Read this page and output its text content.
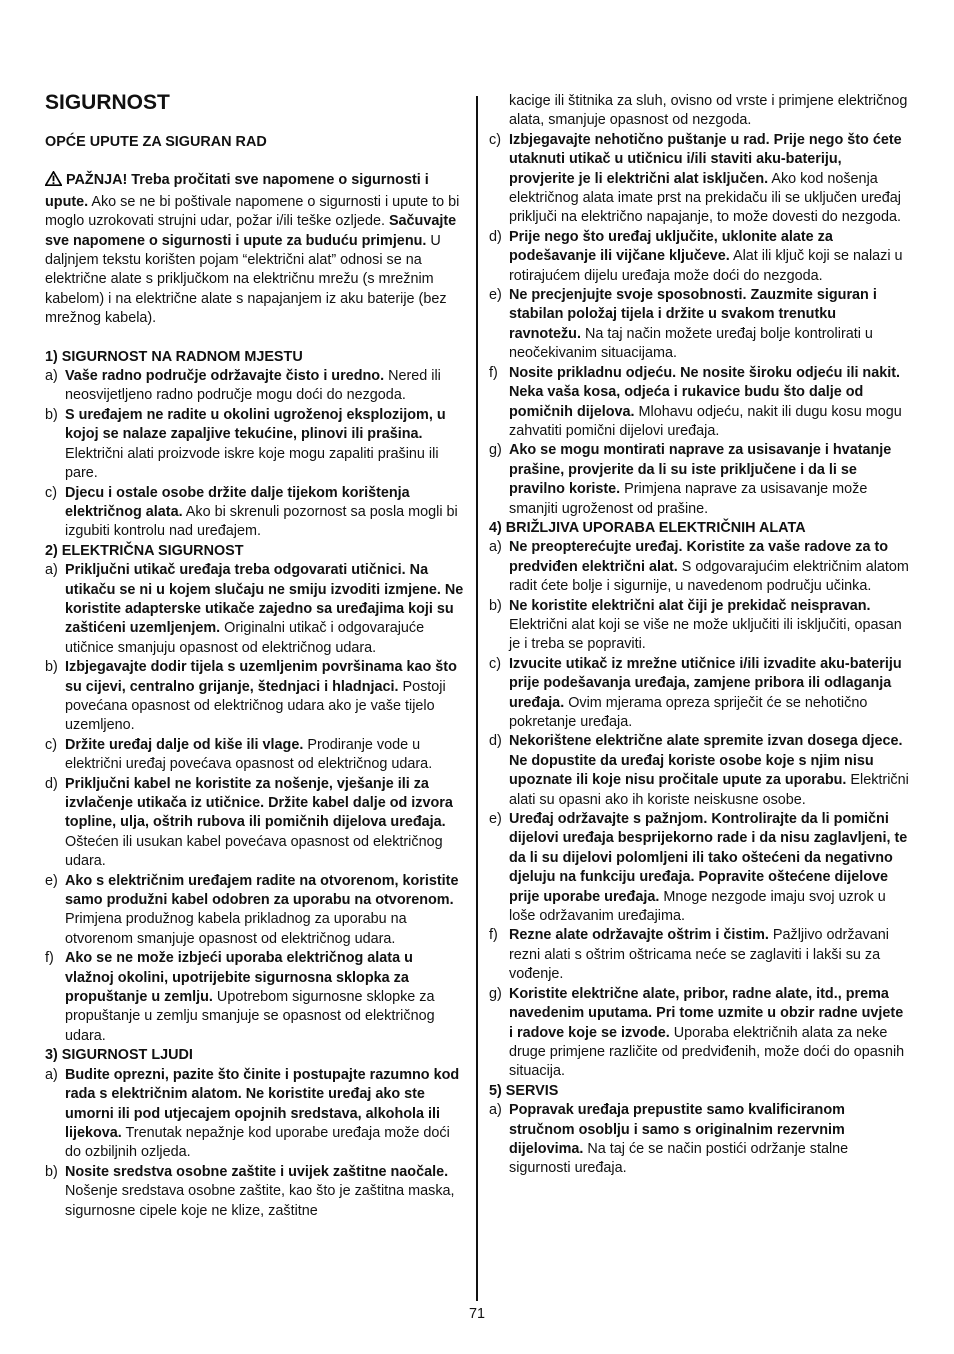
SIGURNOST
OPĆE UPUTE ZA SIGURAN RAD
PAŽNJA! Treba pročitati sve napomene o sigurnosti i upute. Ako se ne bi poštivale napomene o sigurnosti i upute to bi moglo uzrokovati strujni udar, požar i/ili teške ozljede. Sačuvajte sve napomene o sigurnosti i upute za buduću primjenu. U daljnjem tekstu korišten pojam “električni alat” odnosi se na električne alate s priključkom na električnu mrežu (s mrežnim kabelom) i na električne alate s napajanjem iz aku baterije (bez mrežnog kabela).
1) SIGURNOST NA RADNOM MJESTU
a) Vaše radno područje održavajte čisto i uredno. Nered ili neosvijetljeno radno područje mogu doći do nezgoda.
b) S uređajem ne radite u okolini ugroženoj eksplozijom, u kojoj se nalaze zapaljive tekućine, plinovi ili prašina. Električni alati proizvode iskre koje mogu zapaliti prašinu ili pare.
c) Djecu i ostale osobe držite dalje tijekom korištenja električnog alata. Ako bi skrenuli pozornost sa posla mogli bi izgubiti kontrolu nad uređajem.
2) ELEKTRIČNA SIGURNOST
a) Priključni utikač uređaja treba odgovarati utičnici. Na utikaču se ni u kojem slučaju ne smiju izvoditi izmjene. Ne koristite adapterske utikače zajedno sa uređajima koji su zaštićeni uzemljenjem. Originalni utikač i odgovarajuće utičnice smanjuju opasnost od električnog udara.
b) Izbjegavajte dodir tijela s uzemljenim površinama kao što su cijevi, centralno grijanje, štednjaci i hladnjaci. Postoji povećana opasnost od električnog udara ako je vaše tijelo uzemljeno.
c) Držite uređaj dalje od kiše ili vlage. Prodiranje vode u električni uređaj povećava opasnost od električnog udara.
d) Priključni kabel ne koristite za nošenje, vješanje ili za izvlačenje utikača iz utičnice. Držite kabel dalje od izvora topline, ulja, oštrih rubova ili pomičnih dijelova uređaja. Oštećen ili usukan kabel povećava opasnost od električnog udara.
e) Ako s električnim uređajem radite na otvorenom, koristite samo produžni kabel odobren za uporabu na otvorenom. Primjena produžnog kabela prikladnog za uporabu na otvorenom smanjuje opasnost od električnog udara.
f) Ako se ne može izbjeći uporaba električnog alata u vlažnoj okolini, upotrijebite sigurnosna sklopka za propuštanje u zemlju. Upotrebom sigurnosne sklopke za propuštanje u zemlju smanjuje se opasnost od električnog udara.
3) SIGURNOST LJUDI
a) Budite oprezni, pazite što činite i postupajte razumno kod rada s električnim alatom. Ne koristite uređaj ako ste umorni ili pod utjecajem opojnih sredstava, alkohola ili lijekova. Trenutak nepažnje kod uporabe uređaja može doći do ozbiljnih ozljeda.
b) Nosite sredstva osobne zaštite i uvijek zaštitne naočale. Nošenje sredstava osobne zaštite, kao što je zaštitna maska, sigurnosne cipele koje ne klize, zaštitne
kacige ili štitnika za sluh, ovisno od vrste i primjene električnog alata, smanjuje opasnost od nezgoda.
c) Izbjegavajte nehotično puštanje u rad. Prije nego što ćete utaknuti utikač u utičnicu i/ili staviti aku-bateriju, provjerite je li električni alat isključen. Ako kod nošenja električnog alata imate prst na prekidaču ili se uključen uređaj priključi na električno napajanje, to može dovesti do nezgoda.
d) Prije nego što uređaj uključite, uklonite alate za podešavanje ili vijčane ključeve. Alat ili ključ koji se nalazi u rotirajućem dijelu uređaja može doći do nezgoda.
e) Ne precjenjujte svoje sposobnosti. Zauzmite siguran i stabilan položaj tijela i držite u svakom trenutku ravnotežu. Na taj način možete uređaj bolje kontrolirati u neočekivanim situacijama.
f) Nosite prikladnu odjeću. Ne nosite široku odjeću ili nakit. Neka vaša kosa, odjeća i rukavice budu što dalje od pomičnih dijelova. Mlohavu odjeću, nakit ili dugu kosu mogu zahvatiti pomični dijelovi uređaja.
g) Ako se mogu montirati naprave za usisavanje i hvatanje prašine, provjerite da li su iste priključene i da li se pravilno koriste. Primjena naprave za usisavanje može smanjiti ugroženost od prašine.
4) BRIŽLJIVA UPORABA ELEKTRIČNIH ALATA
a) Ne preopterećujte uređaj. Koristite za vaše radove za to predviđen električni alat. S odgovarajućim električnim alatom radit ćete bolje i sigurnije, u navedenom području učinka.
b) Ne koristite električni alat čiji je prekidač neispravan. Električni alat koji se više ne može uključiti ili isključiti, opasan je i treba se popraviti.
c) Izvucite utikač iz mrežne utičnice i/ili izvadite aku-bateriju prije podešavanja uređaja, zamjene pribora ili odlaganja uređaja. Ovim mjerama opreza spriječit će se nehotično pokretanje uređaja.
d) Nekorištene električne alate spremite izvan dosega djece. Ne dopustite da uređaj koriste osobe koje s njim nisu upoznate ili koje nisu pročitale upute za uporabu. Električni alati su opasni ako ih koriste neiskusne osobe.
e) Uređaj održavajte s pažnjom. Kontrolirajte da li pomični dijelovi uređaja besprijekorno rade i da nisu zaglavljeni, te da li su dijelovi polomljeni ili tako oštećeni da negativno djeluju na funkciju uređaja. Popravite oštećene dijelove prije uporabe uređaja. Mnoge nezgode imaju svoj uzrok u loše održavanim uređajima.
f) Rezne alate održavajte oštrim i čistim. Pažljivo održavani rezni alati s oštrim oštricama neće se zaglaviti i lakši su za vođenje.
g) Koristite električne alate, pribor, radne alate, itd., prema navedenim uputama. Pri tome uzmite u obzir radne uvjete i radove koje se izvode. Uporaba električnih alata za neke druge primjene različite od predviđenih, može doći do opasnih situacija.
5) SERVIS
a) Popravak uređaja prepustite samo kvalificiranom stručnom osoblju i samo s originalnim rezervnim dijelovima. Na taj će se način postići održanje stalne sigurnosti uređaja.
71
